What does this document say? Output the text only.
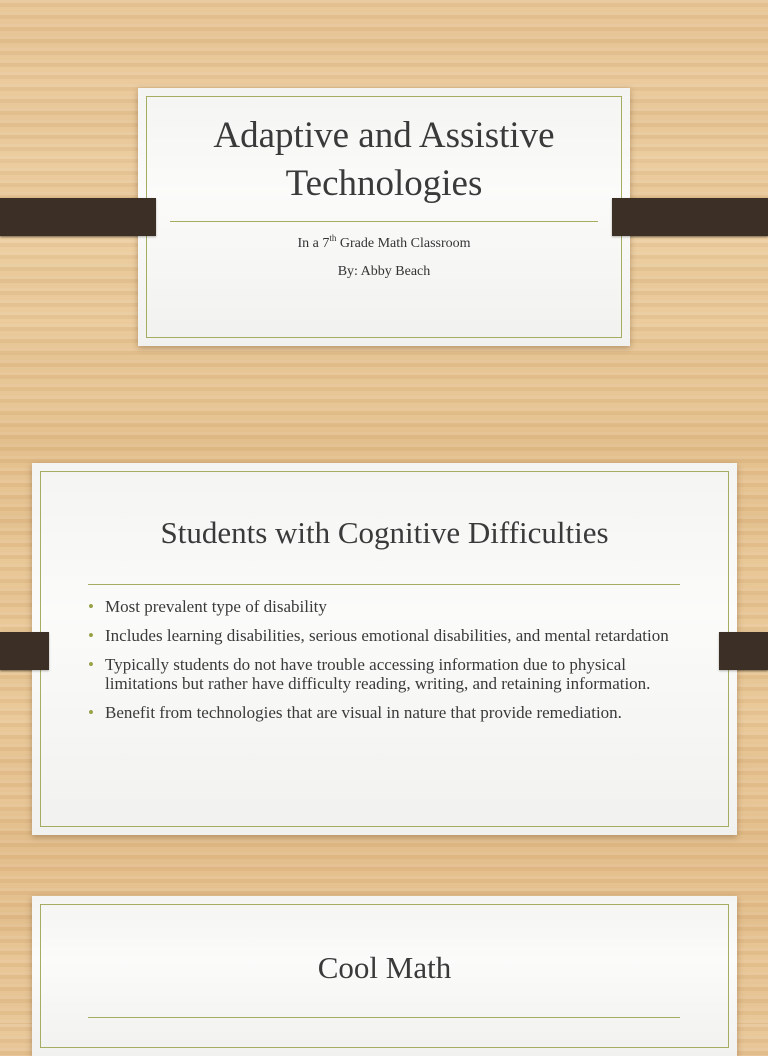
Adaptive and Assistive Technologies
In a 7th Grade Math Classroom
By: Abby Beach
Students with Cognitive Difficulties
• Most prevalent type of disability
• Includes learning disabilities, serious emotional disabilities, and mental retardation
• Typically students do not have trouble accessing information due to physical limitations but rather have difficulty reading, writing, and retaining information.
• Benefit from technologies that are visual in nature that provide remediation.
Cool Math
